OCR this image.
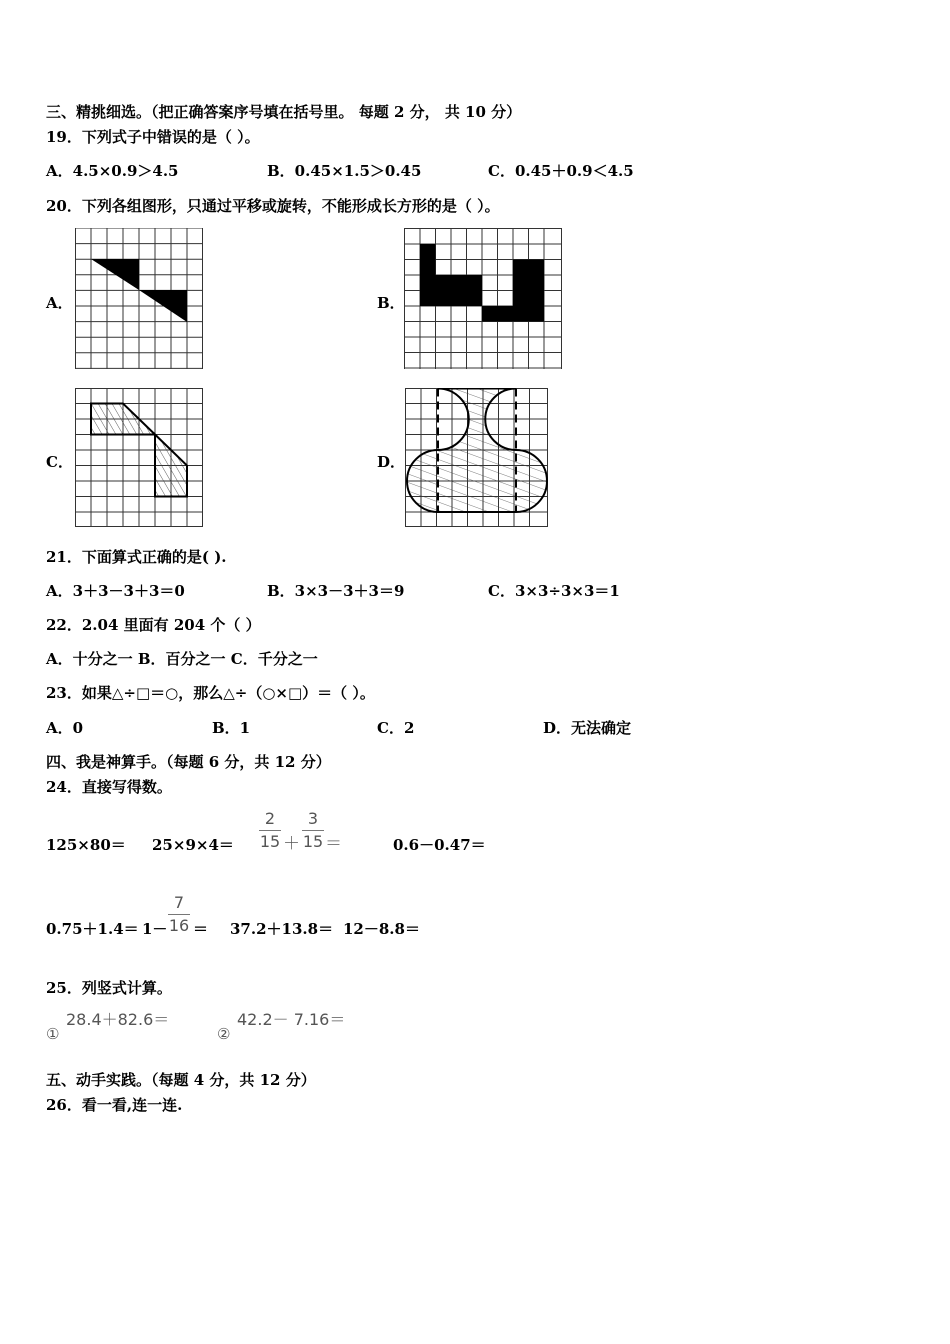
三、精挑细选。（把正确答案序号填在括号里。 每题 2 分， 共 10 分）
19．下列式子中错误的是（ ）。
A．4.5×0.9＞4.5	B．0.45×1.5＞0.45	C．0.45＋0.9＜4.5
20．下列各组图形，只通过平移或旋转，不能形成长方形的是（ ）。
A．	B．
C．	D．
21．下面算式正确的是( ).
A．3＋3－3＋3＝0	B．3×3－3＋3＝9	C．3×3÷3×3＝1
22．2.04 里面有 204 个（ ）
A．十分之一 B．百分之一 C．千分之一
23．如果△÷□＝○，那么△÷（○×□）＝（ ）。
A．0	B．1	C．2	D．无法确定
四、我是神算手。（每题 6 分，共 12 分）
24．直接写得数。
125×80＝ 25×9×4＝
2
15 ＋
3
15 ＝	0.6－0.47＝
0.75＋1.4＝ 1－
7
16 ＝ 37.2＋13.8＝ 12－8.8＝
25．列竖式计算。
①
28.4＋82.6＝
②
42.2－ 7.16＝
五、动手实践。（每题 4 分，共 12 分）
26．看一看,连一连.
